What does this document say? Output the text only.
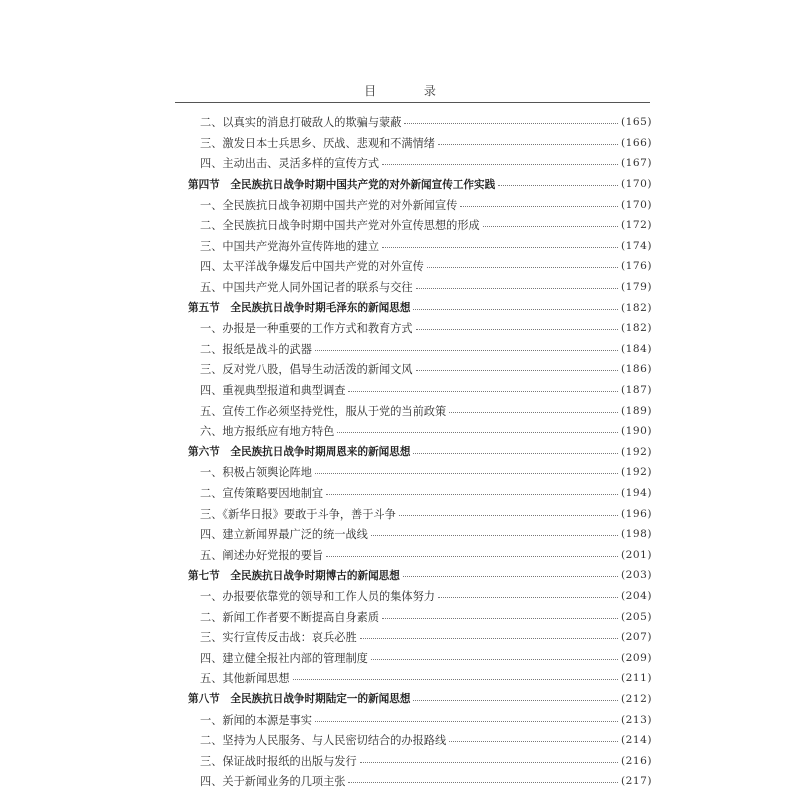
目 录
二、以真实的消息打破敌人的欺骗与蒙蔽	(165)
三、激发日本士兵思乡、厌战、悲观和不满情绪	(166)
四、主动出击、灵活多样的宣传方式	(167)
第四节　全民族抗日战争时期中国共产党的对外新闻宣传工作实践	(170)
一、全民族抗日战争初期中国共产党的对外新闻宣传	(170)
二、全民族抗日战争时期中国共产党对外宣传思想的形成	(172)
三、中国共产党海外宣传阵地的建立	(174)
四、太平洋战争爆发后中国共产党的对外宣传	(176)
五、中国共产党人同外国记者的联系与交往	(179)
第五节　全民族抗日战争时期毛泽东的新闻思想	(182)
一、办报是一种重要的工作方式和教育方式	(182)
二、报纸是战斗的武器	(184)
三、反对党八股，倡导生动活泼的新闻文风	(186)
四、重视典型报道和典型调查	(187)
五、宣传工作必须坚持党性，服从于党的当前政策	(189)
六、地方报纸应有地方特色	(190)
第六节　全民族抗日战争时期周恩来的新闻思想	(192)
一、积极占领舆论阵地	(192)
二、宣传策略要因地制宜	(194)
三、《新华日报》要敢于斗争，善于斗争	(196)
四、建立新闻界最广泛的统一战线	(198)
五、阐述办好党报的要旨	(201)
第七节　全民族抗日战争时期博古的新闻思想	(203)
一、办报要依靠党的领导和工作人员的集体努力	(204)
二、新闻工作者要不断提高自身素质	(205)
三、实行宣传反击战：哀兵必胜	(207)
四、建立健全报社内部的管理制度	(209)
五、其他新闻思想	(211)
第八节　全民族抗日战争时期陆定一的新闻思想	(212)
一、新闻的本源是事实	(213)
二、坚持为人民服务、与人民密切结合的办报路线	(214)
三、保证战时报纸的出版与发行	(216)
四、关于新闻业务的几项主张	(217)
